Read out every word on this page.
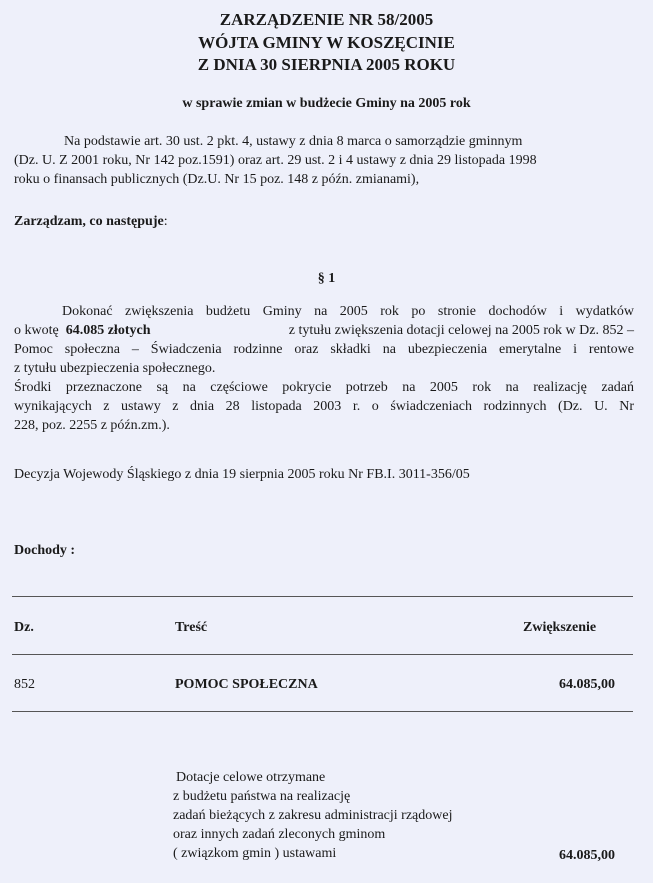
ZARZĄDZENIE NR 58/2005
WÓJTA GMINY W KOSZĘCINIE
Z DNIA 30 SIERPNIA 2005 ROKU
w sprawie zmian w budżecie Gminy na 2005 rok
Na podstawie art. 30 ust. 2 pkt. 4, ustawy z dnia 8 marca o samorządzie gminnym
(Dz. U. Z 2001 roku, Nr 142 poz.1591) oraz art. 29 ust. 2 i 4 ustawy z dnia 29 listopada 1998
roku o finansach publicznych (Dz.U. Nr 15 poz. 148 z późn. zmianami),
Zarządzam, co następuje:
§ 1
Dokonać zwiększenia budżetu Gminy na 2005 rok po stronie dochodów i wydatków
o kwotę 64.085 złotych	z tytułu zwiększenia dotacji celowej na 2005 rok w Dz. 852 –
Pomoc społeczna – Świadczenia rodzinne oraz składki na ubezpieczenia emerytalne i rentowe
z tytułu ubezpieczenia społecznego.
Środki przeznaczone są na częściowe pokrycie potrzeb na 2005 rok na realizację zadań
wynikających z ustawy z dnia 28 listopada 2003 r. o świadczeniach rodzinnych (Dz. U. Nr
228, poz. 2255 z późn.zm.).
Decyzja Wojewody Śląskiego z dnia 19 sierpnia 2005 roku Nr FB.I. 3011-356/05
Dochody :
Dz.	Treść	Zwiększenie
852	POMOC SPOŁECZNA	64.085,00
Dotacje celowe otrzymane
z budżetu państwa na realizację
zadań bieżących z zakresu administracji rządowej
oraz innych zadań zleconych gminom
( związkom gmin ) ustawami	64.085,00
